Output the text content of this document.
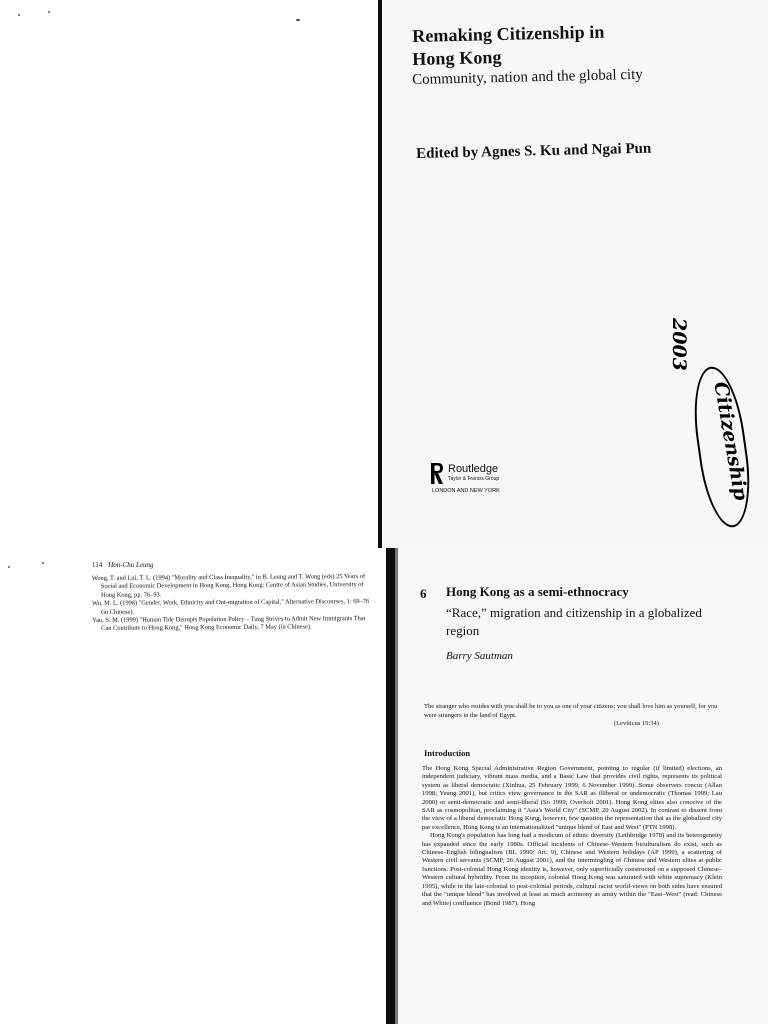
Remaking Citizenship in
Hong Kong
Community, nation and the global city
Edited by Agnes S. Ku and Ngai Pun
2003
Citizenship
Routledge
Taylor & Francis Group
LONDON AND NEW YORK
114 Hon-Chu Leung
Wong, T. and Lui, T. L. (1994) "Morality and Class Inequality," in B. Leung and T. Wong (eds) 25 Years of Social and Economic Development in Hong Kong, Hong Kong: Centre of Asian Studies, University of Hong Kong, pp. 76–93.
Wu, M. L. (1998) "Gender, Work, Ethnicity and Out-migration of Capital," Alternative Discourses, 1: 69–76 (in Chinese).
Yan, S. M. (1999) "Human Tide Disrupts Population Policy – Tung Strives to Admit New Immigrants That Can Contribute to Hong Kong," Hong Kong Economic Daily, 7 May (in Chinese).
6 Hong Kong as a semi-ethnocracy
“Race,” migration and citizenship in a globalized region
Barry Sautman
The stranger who resides with you shall be to you as one of your citizens; you shall love him as yourself, for you were strangers in the land of Egypt.
(Leviticus 19:34)
Introduction

The Hong Kong Special Administrative Region Government, pointing to regular (if limited) elections, an independent judiciary, vibrant mass media, and a Basic Law that provides civil rights, represents its political system as liberal democratic (Xinhua, 25 February 1999, 6 November 1999). Some observers concur (Allan 1998; Yeung 2001), but critics view governance in the SAR as illiberal or undemocratic (Thomas 1999; Lau 2000) or semi-democratic and semi-liberal (So 1999; Overholt 2001). Hong Kong elites also conceive of the SAR as cosmopolitan, proclaiming it "Asia's World City" (SCMP, 20 August 2002). In contrast to dissent from the view of a liberal democratic Hong Kong, however, few question the representation that as the globalized city par excellence, Hong Kong is an internationalized "unique blend of East and West" (PTN 1998).

Hong Kong's population has long had a modicum of ethnic diversity (Lethbridge 1978) and its heterogeneity has expanded since the early 1980s. Official incidents of Chinese–Western biculturalism do exist, such as Chinese–English bilingualism (BL 1990: Art. 9), Chinese and Western holidays (AP 1999), a scattering of Western civil servants (SCMP, 26 August 2001), and the intermingling of Chinese and Western elites at public functions. Post-colonial Hong Kong identity is, however, only superficially constructed on a supposed Chinese–Western cultural hybridity. From its inception, colonial Hong Kong was saturated with white supremacy (Klein 1995), while in the late-colonial to post-colonial periods, cultural racist world-views on both sides have ensured that the "unique blend" has involved at least as much acrimony as amity within the "East–West" (read: Chinese and White) confluence (Bond 1987). Hong
